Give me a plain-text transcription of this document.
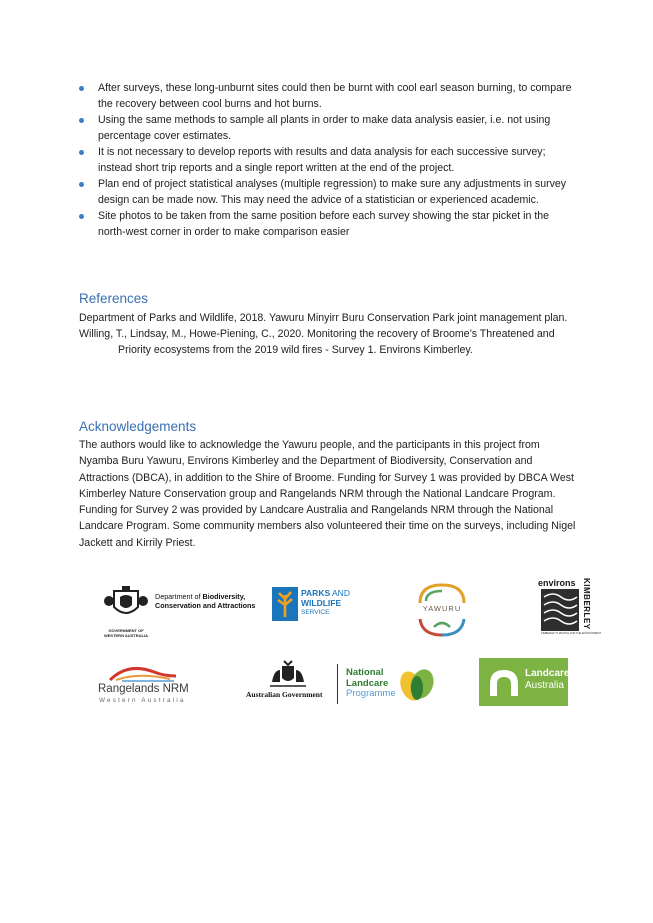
After surveys, these long-unburnt sites could then be burnt with cool earl season burning, to compare the recovery between cool burns and hot burns.
Using the same methods to sample all plants in order to make data analysis easier, i.e. not using percentage cover estimates.
It is not necessary to develop reports with results and data analysis for each successive survey; instead short trip reports and a single report written at the end of the project.
Plan end of project statistical analyses (multiple regression) to make sure any adjustments in survey design can be made now. This may need the advice of a statistician or experienced academic.
Site photos to be taken from the same position before each survey showing the star picket in the north-west corner in order to make comparison easier
References

Department of Parks and Wildlife, 2018. Yawuru Minyirr Buru Conservation Park joint management plan.

Willing, T., Lindsay, M., Howe-Piening, C., 2020. Monitoring the recovery of Broome’s Threatened and Priority ecosystems from the 2019 wild fires - Survey 1. Environs Kimberley.

Acknowledgements

The authors would like to acknowledge the Yawuru people, and the participants in this project from Nyamba Buru Yawuru, Environs Kimberley and the Department of Biodiversity, Conservation and Attractions (DBCA), in addition to the Shire of Broome. Funding for Survey 1 was provided by DBCA West Kimberley Nature Conservation group and Rangelands NRM through the National Landcare Program. Funding for Survey 2 was provided by Landcare Australia and Rangelands NRM through the National Landcare Program. Some community members also volunteered their time on the surveys, including Nigel Jackett and Kirrily Priest.

GOVERNMENT OF
WESTERN AUSTRALIA
Department of Biodiversity,
Conservation and Attractions
PARKS AND
WILDLIFE
SERVICE	YAWURU
environs KIMBERLEY
KIMBERLEY'S PEOPLE FOR THE ENVIRONMENT
Rangelands NRM
Western Australia
Australian Government
National
Landcare
Programme
Landcare
Australia
